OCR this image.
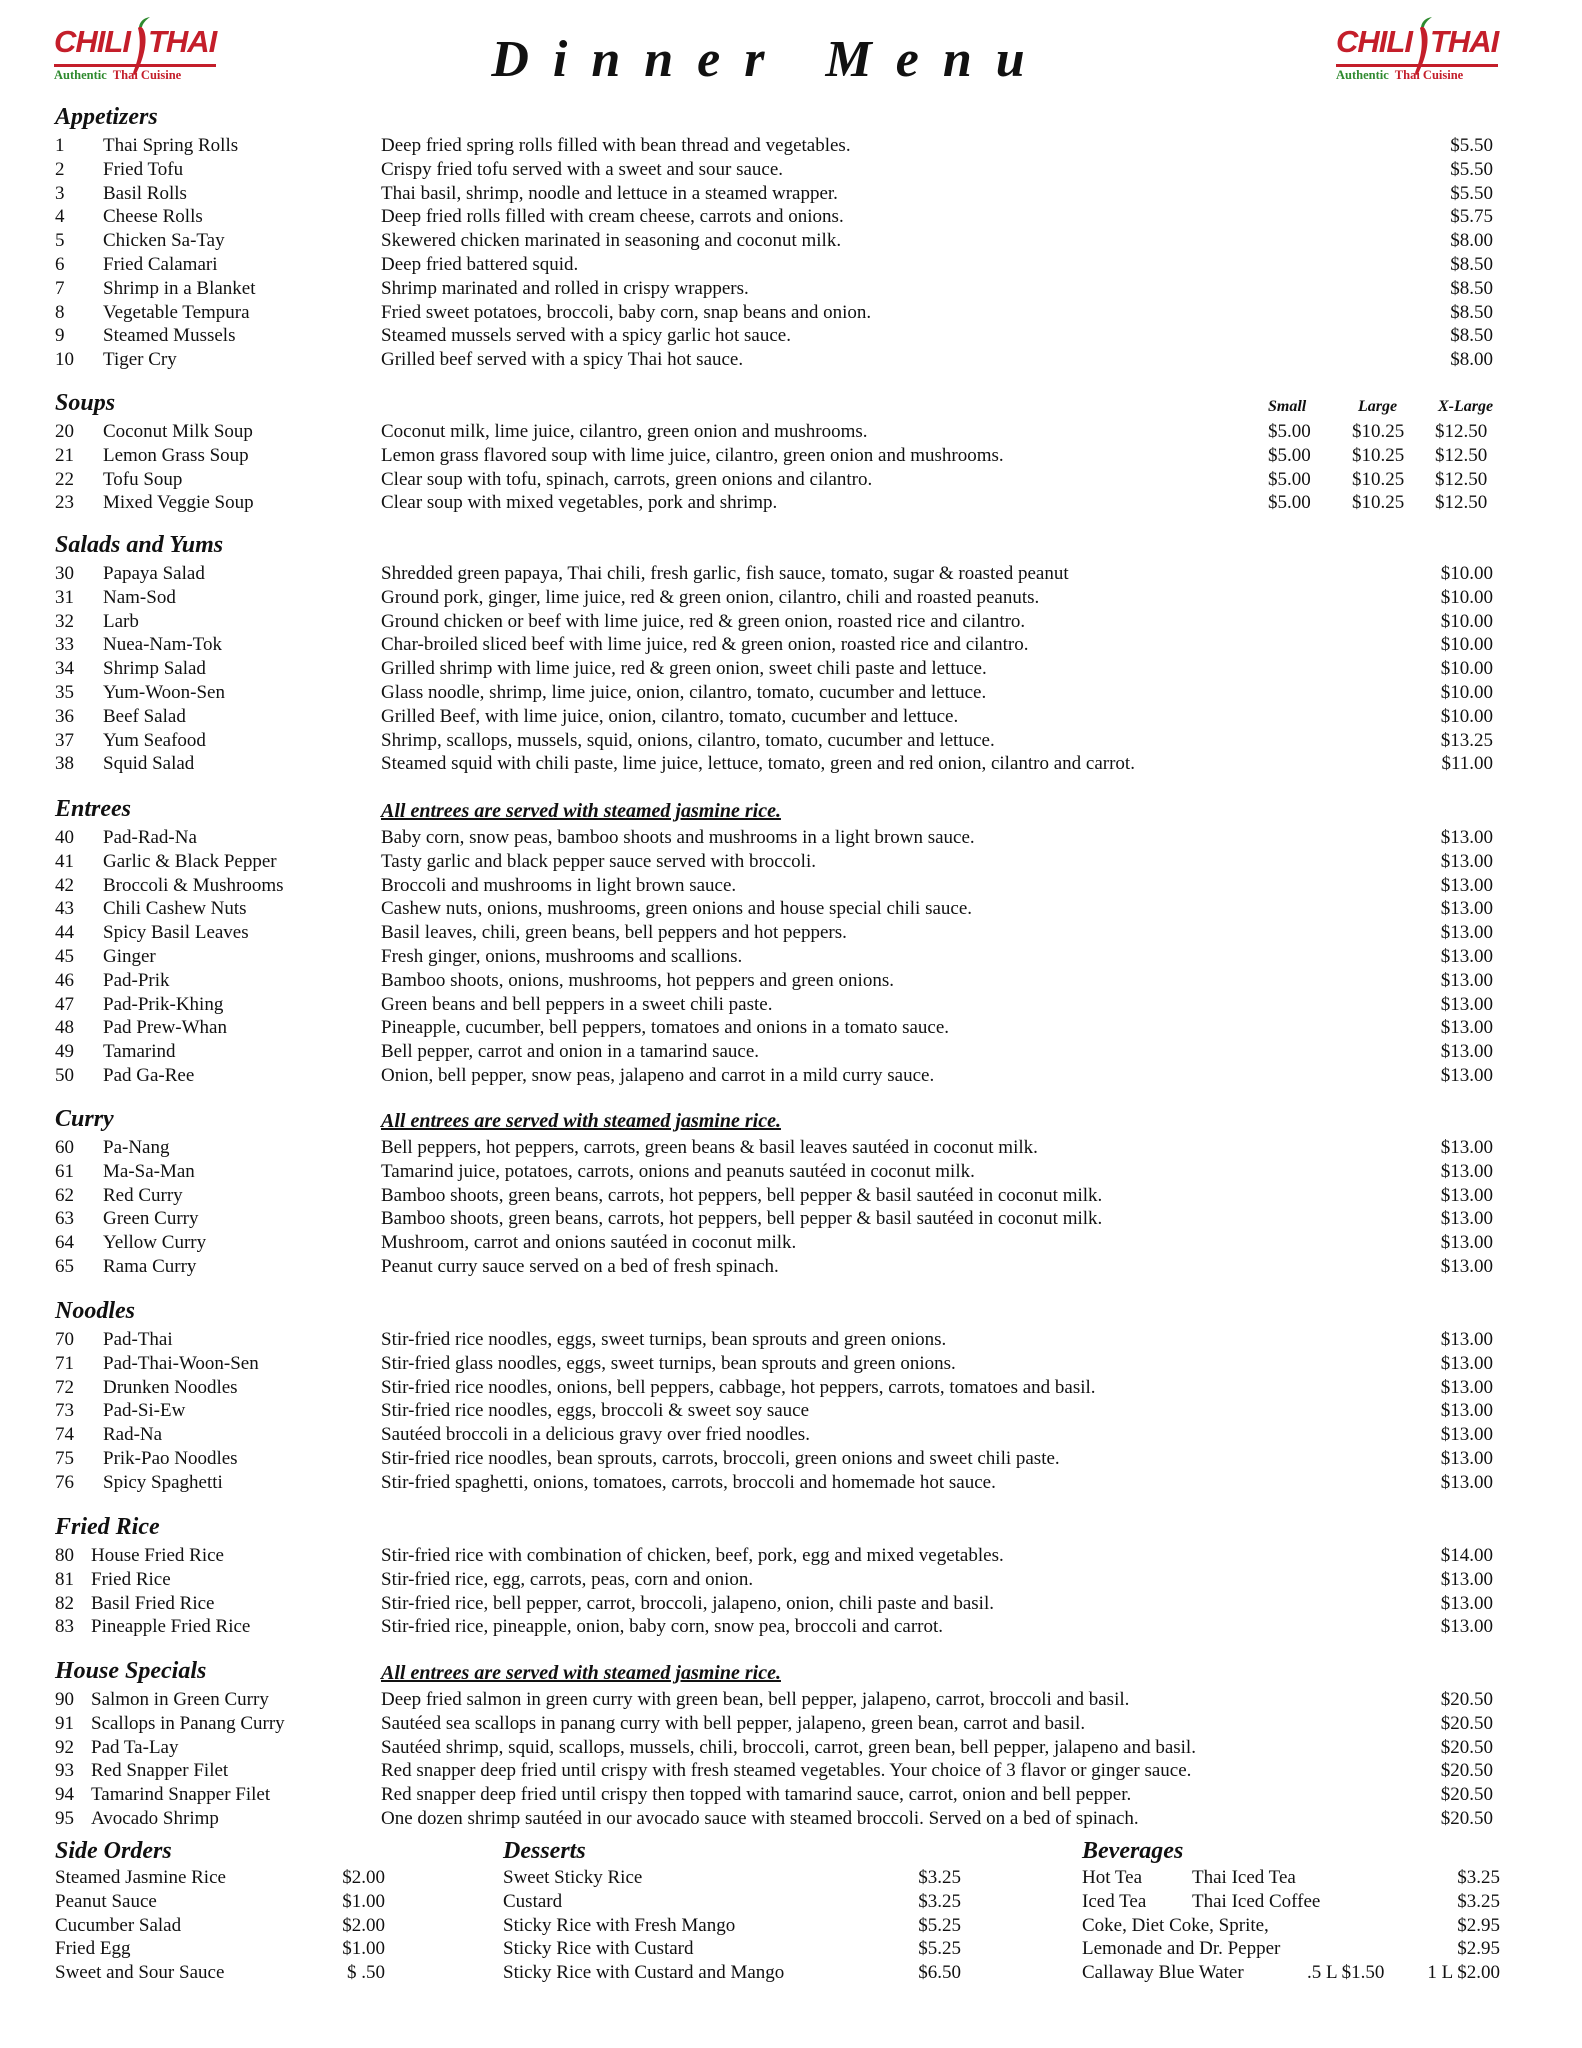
CHILI THAI
Authentic Thai Cuisine
CHILI THAI
Authentic Thai Cuisine
Dinner Menu
Appetizers
1 Thai Spring Rolls	Deep fried spring rolls filled with bean thread and vegetables.	$5.50
2 Fried Tofu	Crispy fried tofu served with a sweet and sour sauce.	$5.50
3 Basil Rolls	Thai basil, shrimp, noodle and lettuce in a steamed wrapper.	$5.50
4 Cheese Rolls	Deep fried rolls filled with cream cheese, carrots and onions.	$5.75
5 Chicken Sa-Tay	Skewered chicken marinated in seasoning and coconut milk.	$8.00
6 Fried Calamari	Deep fried battered squid.	$8.50
7 Shrimp in a Blanket	Shrimp marinated and rolled in crispy wrappers.	$8.50
8 Vegetable Tempura	Fried sweet potatoes, broccoli, baby corn, snap beans and onion.	$8.50
9 Steamed Mussels	Steamed mussels served with a spicy garlic hot sauce.	$8.50
10 Tiger Cry	Grilled beef served with a spicy Thai hot sauce.	$8.00
Soups	Small	Large	X-Large
20 Coconut Milk Soup	Coconut milk, lime juice, cilantro, green onion and mushrooms.	$5.00 $10.25 $12.50
21 Lemon Grass Soup	Lemon grass flavored soup with lime juice, cilantro, green onion and mushrooms.	$5.00 $10.25 $12.50
22 Tofu Soup	Clear soup with tofu, spinach, carrots, green onions and cilantro.	$5.00 $10.25 $12.50
23 Mixed Veggie Soup	Clear soup with mixed vegetables, pork and shrimp.	$5.00 $10.25 $12.50
Salads and Yums
30 Papaya Salad	Shredded green papaya, Thai chili, fresh garlic, fish sauce, tomato, sugar & roasted peanut	$10.00
31 Nam-Sod	Ground pork, ginger, lime juice, red & green onion, cilantro, chili and roasted peanuts.	$10.00
32 Larb	Ground chicken or beef with lime juice, red & green onion, roasted rice and cilantro.	$10.00
33 Nuea-Nam-Tok	Char-broiled sliced beef with lime juice, red & green onion, roasted rice and cilantro.	$10.00
34 Shrimp Salad	Grilled shrimp with lime juice, red & green onion, sweet chili paste and lettuce.	$10.00
35 Yum-Woon-Sen	Glass noodle, shrimp, lime juice, onion, cilantro, tomato, cucumber and lettuce.	$10.00
36 Beef Salad	Grilled Beef, with lime juice, onion, cilantro, tomato, cucumber and lettuce.	$10.00
37 Yum Seafood	Shrimp, scallops, mussels, squid, onions, cilantro, tomato, cucumber and lettuce.	$13.25
38 Squid Salad	Steamed squid with chili paste, lime juice, lettuce, tomato, green and red onion, cilantro and carrot.	$11.00
Entrees	All entrees are served with steamed jasmine rice.
40 Pad-Rad-Na	Baby corn, snow peas, bamboo shoots and mushrooms in a light brown sauce.	$13.00
41 Garlic & Black Pepper	Tasty garlic and black pepper sauce served with broccoli.	$13.00
42 Broccoli & Mushrooms	Broccoli and mushrooms in light brown sauce.	$13.00
43 Chili Cashew Nuts	Cashew nuts, onions, mushrooms, green onions and house special chili sauce.	$13.00
44 Spicy Basil Leaves	Basil leaves, chili, green beans, bell peppers and hot peppers.	$13.00
45 Ginger	Fresh ginger, onions, mushrooms and scallions.	$13.00
46 Pad-Prik	Bamboo shoots, onions, mushrooms, hot peppers and green onions.	$13.00
47 Pad-Prik-Khing	Green beans and bell peppers in a sweet chili paste.	$13.00
48 Pad Prew-Whan	Pineapple, cucumber, bell peppers, tomatoes and onions in a tomato sauce.	$13.00
49 Tamarind	Bell pepper, carrot and onion in a tamarind sauce.	$13.00
50 Pad Ga-Ree	Onion, bell pepper, snow peas, jalapeno and carrot in a mild curry sauce.	$13.00
Curry	All entrees are served with steamed jasmine rice.
60 Pa-Nang	Bell peppers, hot peppers, carrots, green beans & basil leaves sautéed in coconut milk.	$13.00
61 Ma-Sa-Man	Tamarind juice, potatoes, carrots, onions and peanuts sautéed in coconut milk.	$13.00
62 Red Curry	Bamboo shoots, green beans, carrots, hot peppers, bell pepper & basil sautéed in coconut milk.	$13.00
63 Green Curry	Bamboo shoots, green beans, carrots, hot peppers, bell pepper & basil sautéed in coconut milk.	$13.00
64 Yellow Curry	Mushroom, carrot and onions sautéed in coconut milk.	$13.00
65 Rama Curry	Peanut curry sauce served on a bed of fresh spinach.	$13.00
Noodles
70 Pad-Thai	Stir-fried rice noodles, eggs, sweet turnips, bean sprouts and green onions.	$13.00
71 Pad-Thai-Woon-Sen	Stir-fried glass noodles, eggs, sweet turnips, bean sprouts and green onions.	$13.00
72 Drunken Noodles	Stir-fried rice noodles, onions, bell peppers, cabbage, hot peppers, carrots, tomatoes and basil.	$13.00
73 Pad-Si-Ew	Stir-fried rice noodles, eggs, broccoli & sweet soy sauce	$13.00
74 Rad-Na	Sautéed broccoli in a delicious gravy over fried noodles.	$13.00
75 Prik-Pao Noodles	Stir-fried rice noodles, bean sprouts, carrots, broccoli, green onions and sweet chili paste.	$13.00
76 Spicy Spaghetti	Stir-fried spaghetti, onions, tomatoes, carrots, broccoli and homemade hot sauce.	$13.00
Fried Rice
80 House Fried Rice	Stir-fried rice with combination of chicken, beef, pork, egg and mixed vegetables.	$14.00
81 Fried Rice	Stir-fried rice, egg, carrots, peas, corn and onion.	$13.00
82 Basil Fried Rice	Stir-fried rice, bell pepper, carrot, broccoli, jalapeno, onion, chili paste and basil.	$13.00
83 Pineapple Fried Rice	Stir-fried rice, pineapple, onion, baby corn, snow pea, broccoli and carrot.	$13.00
House Specials	All entrees are served with steamed jasmine rice.
90 Salmon in Green Curry	Deep fried salmon in green curry with green bean, bell pepper, jalapeno, carrot, broccoli and basil.	$20.50
91 Scallops in Panang Curry	Sautéed sea scallops in panang curry with bell pepper, jalapeno, green bean, carrot and basil.	$20.50
92 Pad Ta-Lay	Sautéed shrimp, squid, scallops, mussels, chili, broccoli, carrot, green bean, bell pepper, jalapeno and basil.	$20.50
93 Red Snapper Filet	Red snapper deep fried until crispy with fresh steamed vegetables. Your choice of 3 flavor or ginger sauce.	$20.50
94 Tamarind Snapper Filet	Red snapper deep fried until crispy then topped with tamarind sauce, carrot, onion and bell pepper.	$20.50
95 Avocado Shrimp	One dozen shrimp sautéed in our avocado sauce with steamed broccoli. Served on a bed of spinach.	$20.50
Side Orders
Steamed Jasmine Rice	$2.00
Peanut Sauce	$1.00
Cucumber Salad	$2.00
Fried Egg	$1.00
Sweet and Sour Sauce	$ .50
Desserts
Sweet Sticky Rice	$3.25
Custard	$3.25
Sticky Rice with Fresh Mango	$5.25
Sticky Rice with Custard	$5.25
Sticky Rice with Custard and Mango	$6.50
Beverages
Hot Tea	Thai Iced Tea	$3.25
Iced Tea Thai Iced Coffee	$3.25
Coke, Diet Coke, Sprite,	$2.95
Lemonade and Dr. Pepper	$2.95
Callaway Blue Water	.5 L $1.50 1 L $2.00
